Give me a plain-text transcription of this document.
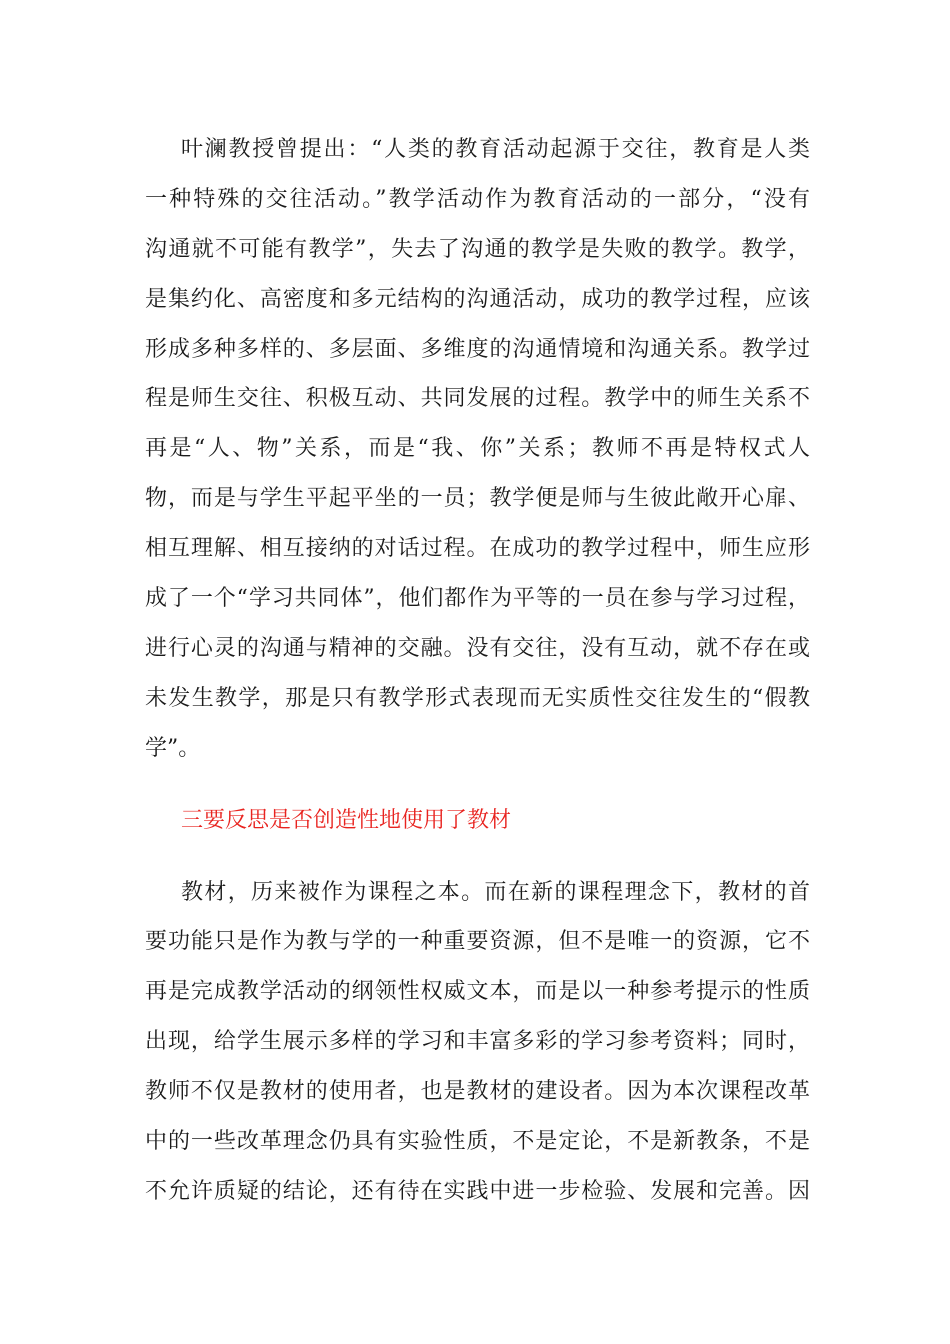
叶澜教授曾提出：“人类的教育活动起源于交往，教育是人类
一种特殊的交往活动。”教学活动作为教育活动的一部分，“没有
沟通就不可能有教学”，失去了沟通的教学是失败的教学。教学，
是集约化、高密度和多元结构的沟通活动，成功的教学过程，应该
形成多种多样的、多层面、多维度的沟通情境和沟通关系。教学过
程是师生交往、积极互动、共同发展的过程。教学中的师生关系不
再是“人、物”关系，而是“我、你”关系；教师不再是特权式人
物，而是与学生平起平坐的一员；教学便是师与生彼此敞开心扉、
相互理解、相互接纳的对话过程。在成功的教学过程中，师生应形
成了一个“学习共同体”，他们都作为平等的一员在参与学习过程，
进行心灵的沟通与精神的交融。没有交往，没有互动，就不存在或
未发生教学，那是只有教学形式表现而无实质性交往发生的“假教
学”。
三要反思是否创造性地使用了教材
教材，历来被作为课程之本。而在新的课程理念下，教材的首
要功能只是作为教与学的一种重要资源，但不是唯一的资源，它不
再是完成教学活动的纲领性权威文本，而是以一种参考提示的性质
出现，给学生展示多样的学习和丰富多彩的学习参考资料；同时，
教师不仅是教材的使用者，也是教材的建设者。因为本次课程改革
中的一些改革理念仍具有实验性质，不是定论，不是新教条，不是
不允许质疑的结论，还有待在实践中进一步检验、发展和完善。因
